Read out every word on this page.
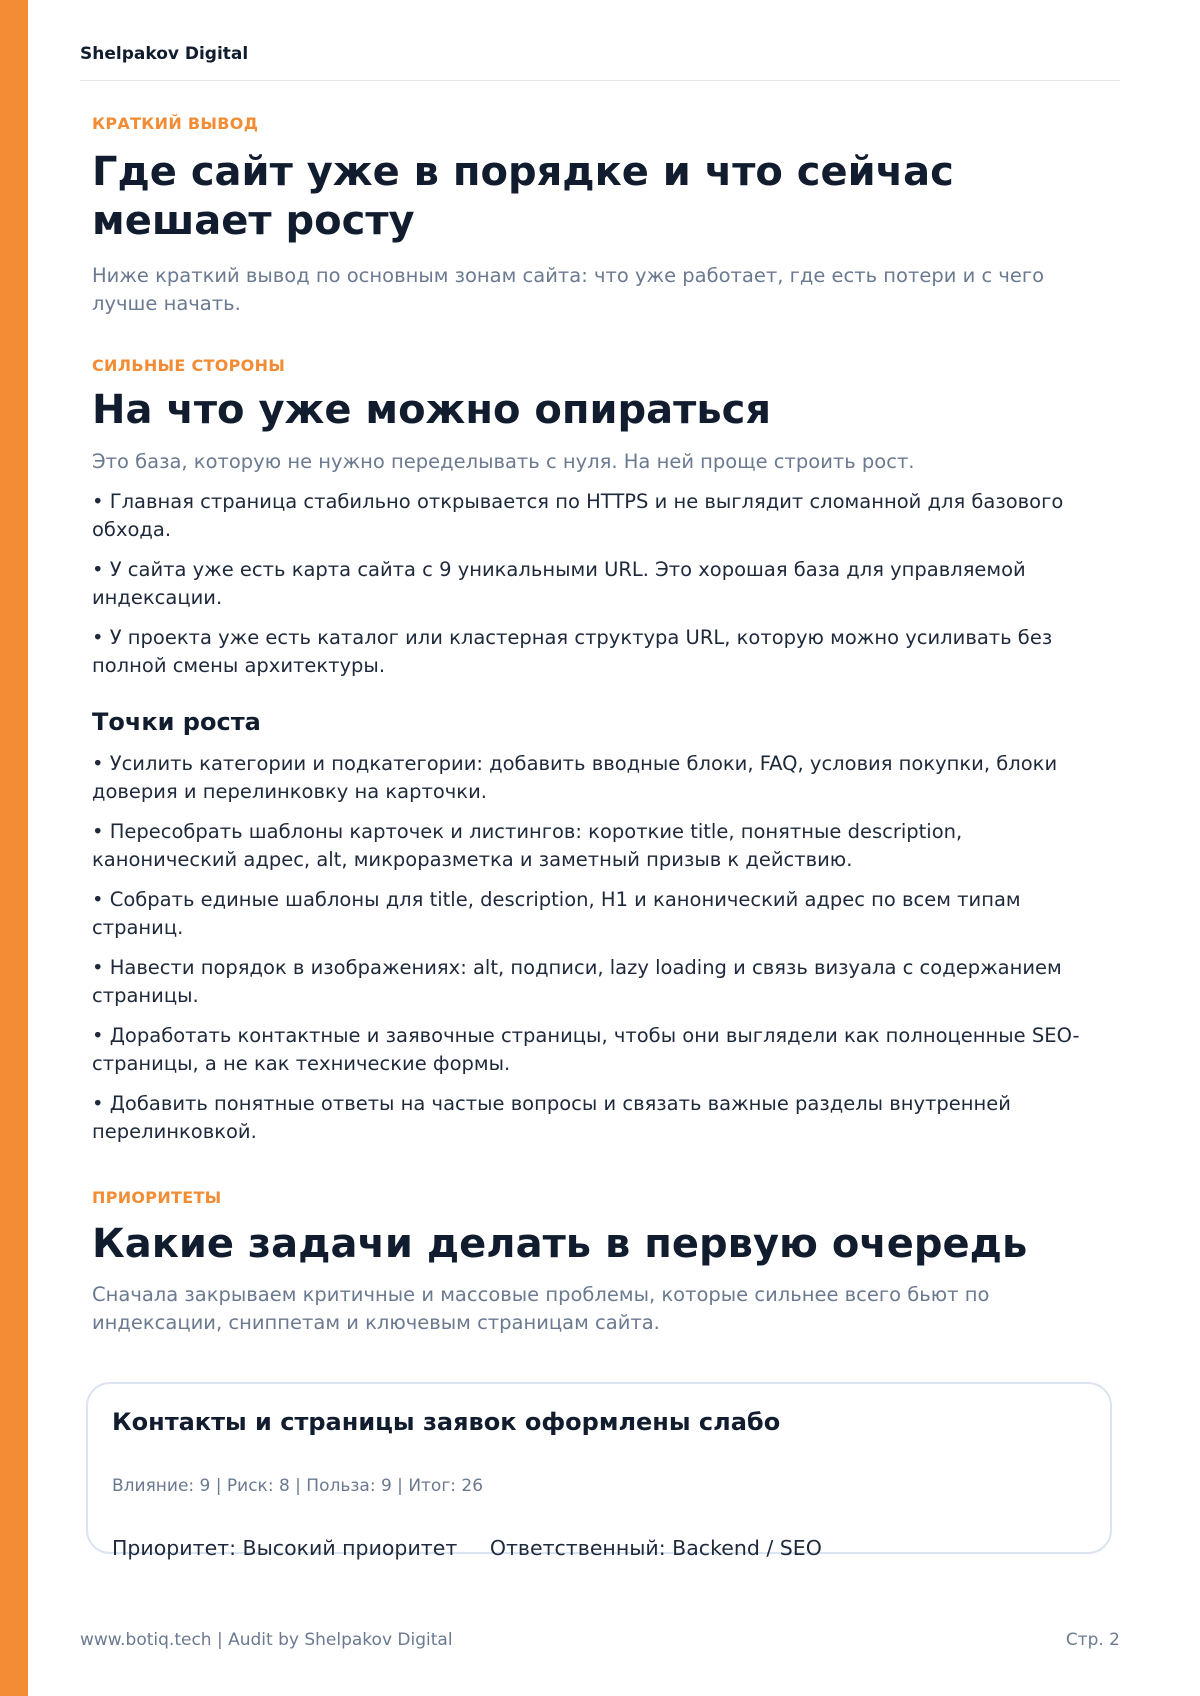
Shelpakov Digital
КРАТКИЙ ВЫВОД
Где сайт уже в порядке и что сейчас мешает росту
Ниже краткий вывод по основным зонам сайта: что уже работает, где есть потери и с чего лучше начать.
СИЛЬНЫЕ СТОРОНЫ
На что уже можно опираться
Это база, которую не нужно переделывать с нуля. На ней проще строить рост.
• Главная страница стабильно открывается по HTTPS и не выглядит сломанной для базового обхода.
• У сайта уже есть карта сайта с 9 уникальными URL. Это хорошая база для управляемой индексации.
• У проекта уже есть каталог или кластерная структура URL, которую можно усиливать без полной смены архитектуры.
Точки роста
• Усилить категории и подкатегории: добавить вводные блоки, FAQ, условия покупки, блоки доверия и перелинковку на карточки.
• Пересобрать шаблоны карточек и листингов: короткие title, понятные description, канонический адрес, alt, микроразметка и заметный призыв к действию.
• Собрать единые шаблоны для title, description, H1 и канонический адрес по всем типам страниц.
• Навести порядок в изображениях: alt, подписи, lazy loading и связь визуала с содержанием страницы.
• Доработать контактные и заявочные страницы, чтобы они выглядели как полноценные SEO-страницы, а не как технические формы.
• Добавить понятные ответы на частые вопросы и связать важные разделы внутренней перелинковкой.
ПРИОРИТЕТЫ
Какие задачи делать в первую очередь
Сначала закрываем критичные и массовые проблемы, которые сильнее всего бьют по индексации, сниппетам и ключевым страницам сайта.
Контакты и страницы заявок оформлены слабо
Влияние: 9 | Риск: 8 | Польза: 9 | Итог: 26
Приоритет: Высокий приоритет Ответственный: Backend / SEO
www.botiq.tech | Audit by Shelpakov Digital	Стр. 2
